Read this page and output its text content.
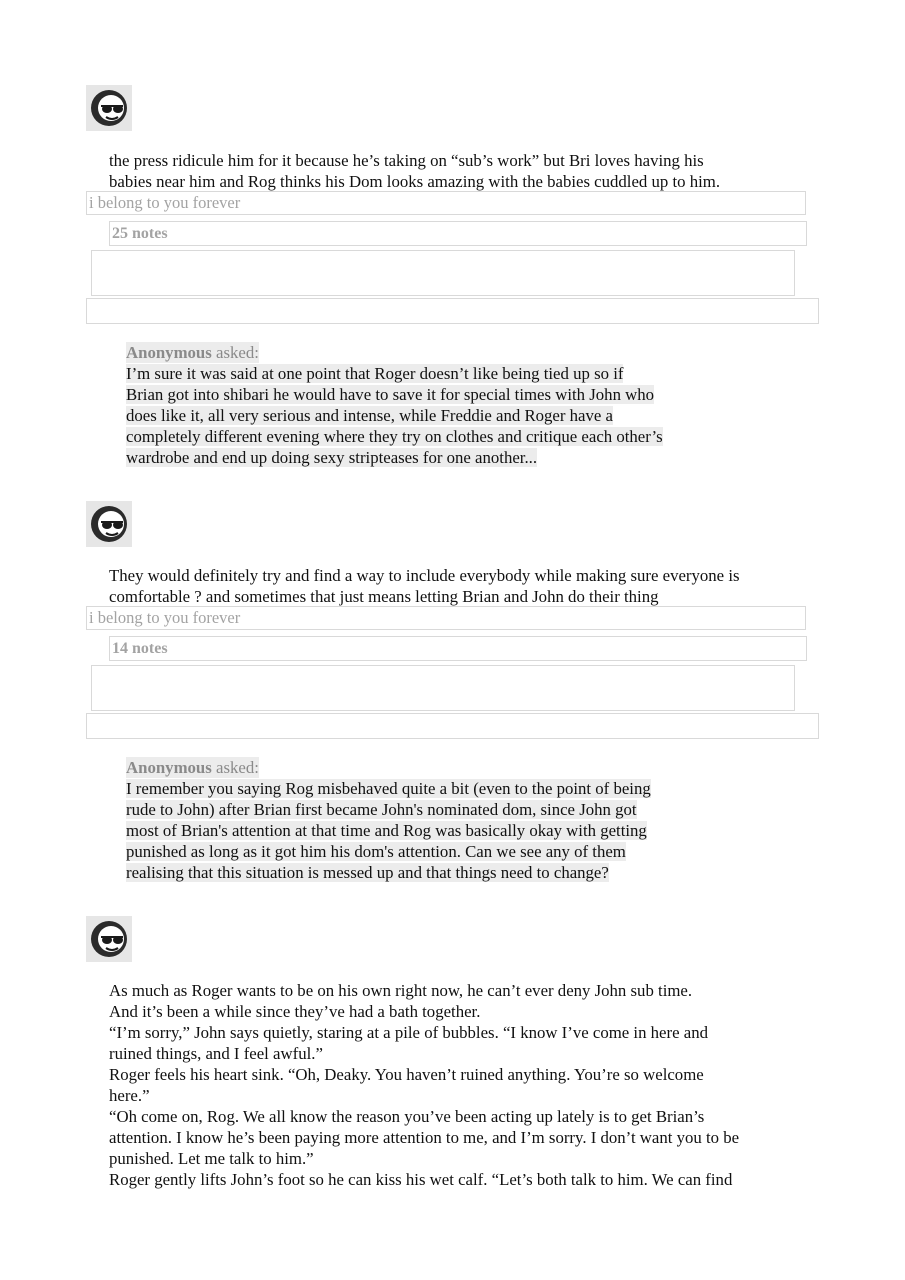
the press ridicule him for it because he’s taking on “sub’s work” but Bri loves having his
babies near him and Rog thinks his Dom looks amazing with the babies cuddled up to him.
i belong to you forever
25 notes
Anonymous asked:
I’m sure it was said at one point that Roger doesn’t like being tied up so if
Brian got into shibari he would have to save it for special times with John who
does like it, all very serious and intense, while Freddie and Roger have a
completely different evening where they try on clothes and critique each other’s
wardrobe and end up doing sexy stripteases for one another...
They would definitely try and find a way to include everybody while making sure everyone is
comfortable ? and sometimes that just means letting Brian and John do their thing
i belong to you forever
14 notes
Anonymous asked:
I remember you saying Rog misbehaved quite a bit (even to the point of being
rude to John) after Brian first became John's nominated dom, since John got
most of Brian's attention at that time and Rog was basically okay with getting
punished as long as it got him his dom's attention. Can we see any of them
realising that this situation is messed up and that things need to change?
As much as Roger wants to be on his own right now, he can’t ever deny John sub time.
And it’s been a while since they’ve had a bath together.
“I’m sorry,” John says quietly, staring at a pile of bubbles. “I know I’ve come in here and
ruined things, and I feel awful.”
Roger feels his heart sink. “Oh, Deaky. You haven’t ruined anything. You’re so welcome
here.”
“Oh come on, Rog. We all know the reason you’ve been acting up lately is to get Brian’s
attention. I know he’s been paying more attention to me, and I’m sorry. I don’t want you to be
punished. Let me talk to him.”
Roger gently lifts John’s foot so he can kiss his wet calf. “Let’s both talk to him. We can find
